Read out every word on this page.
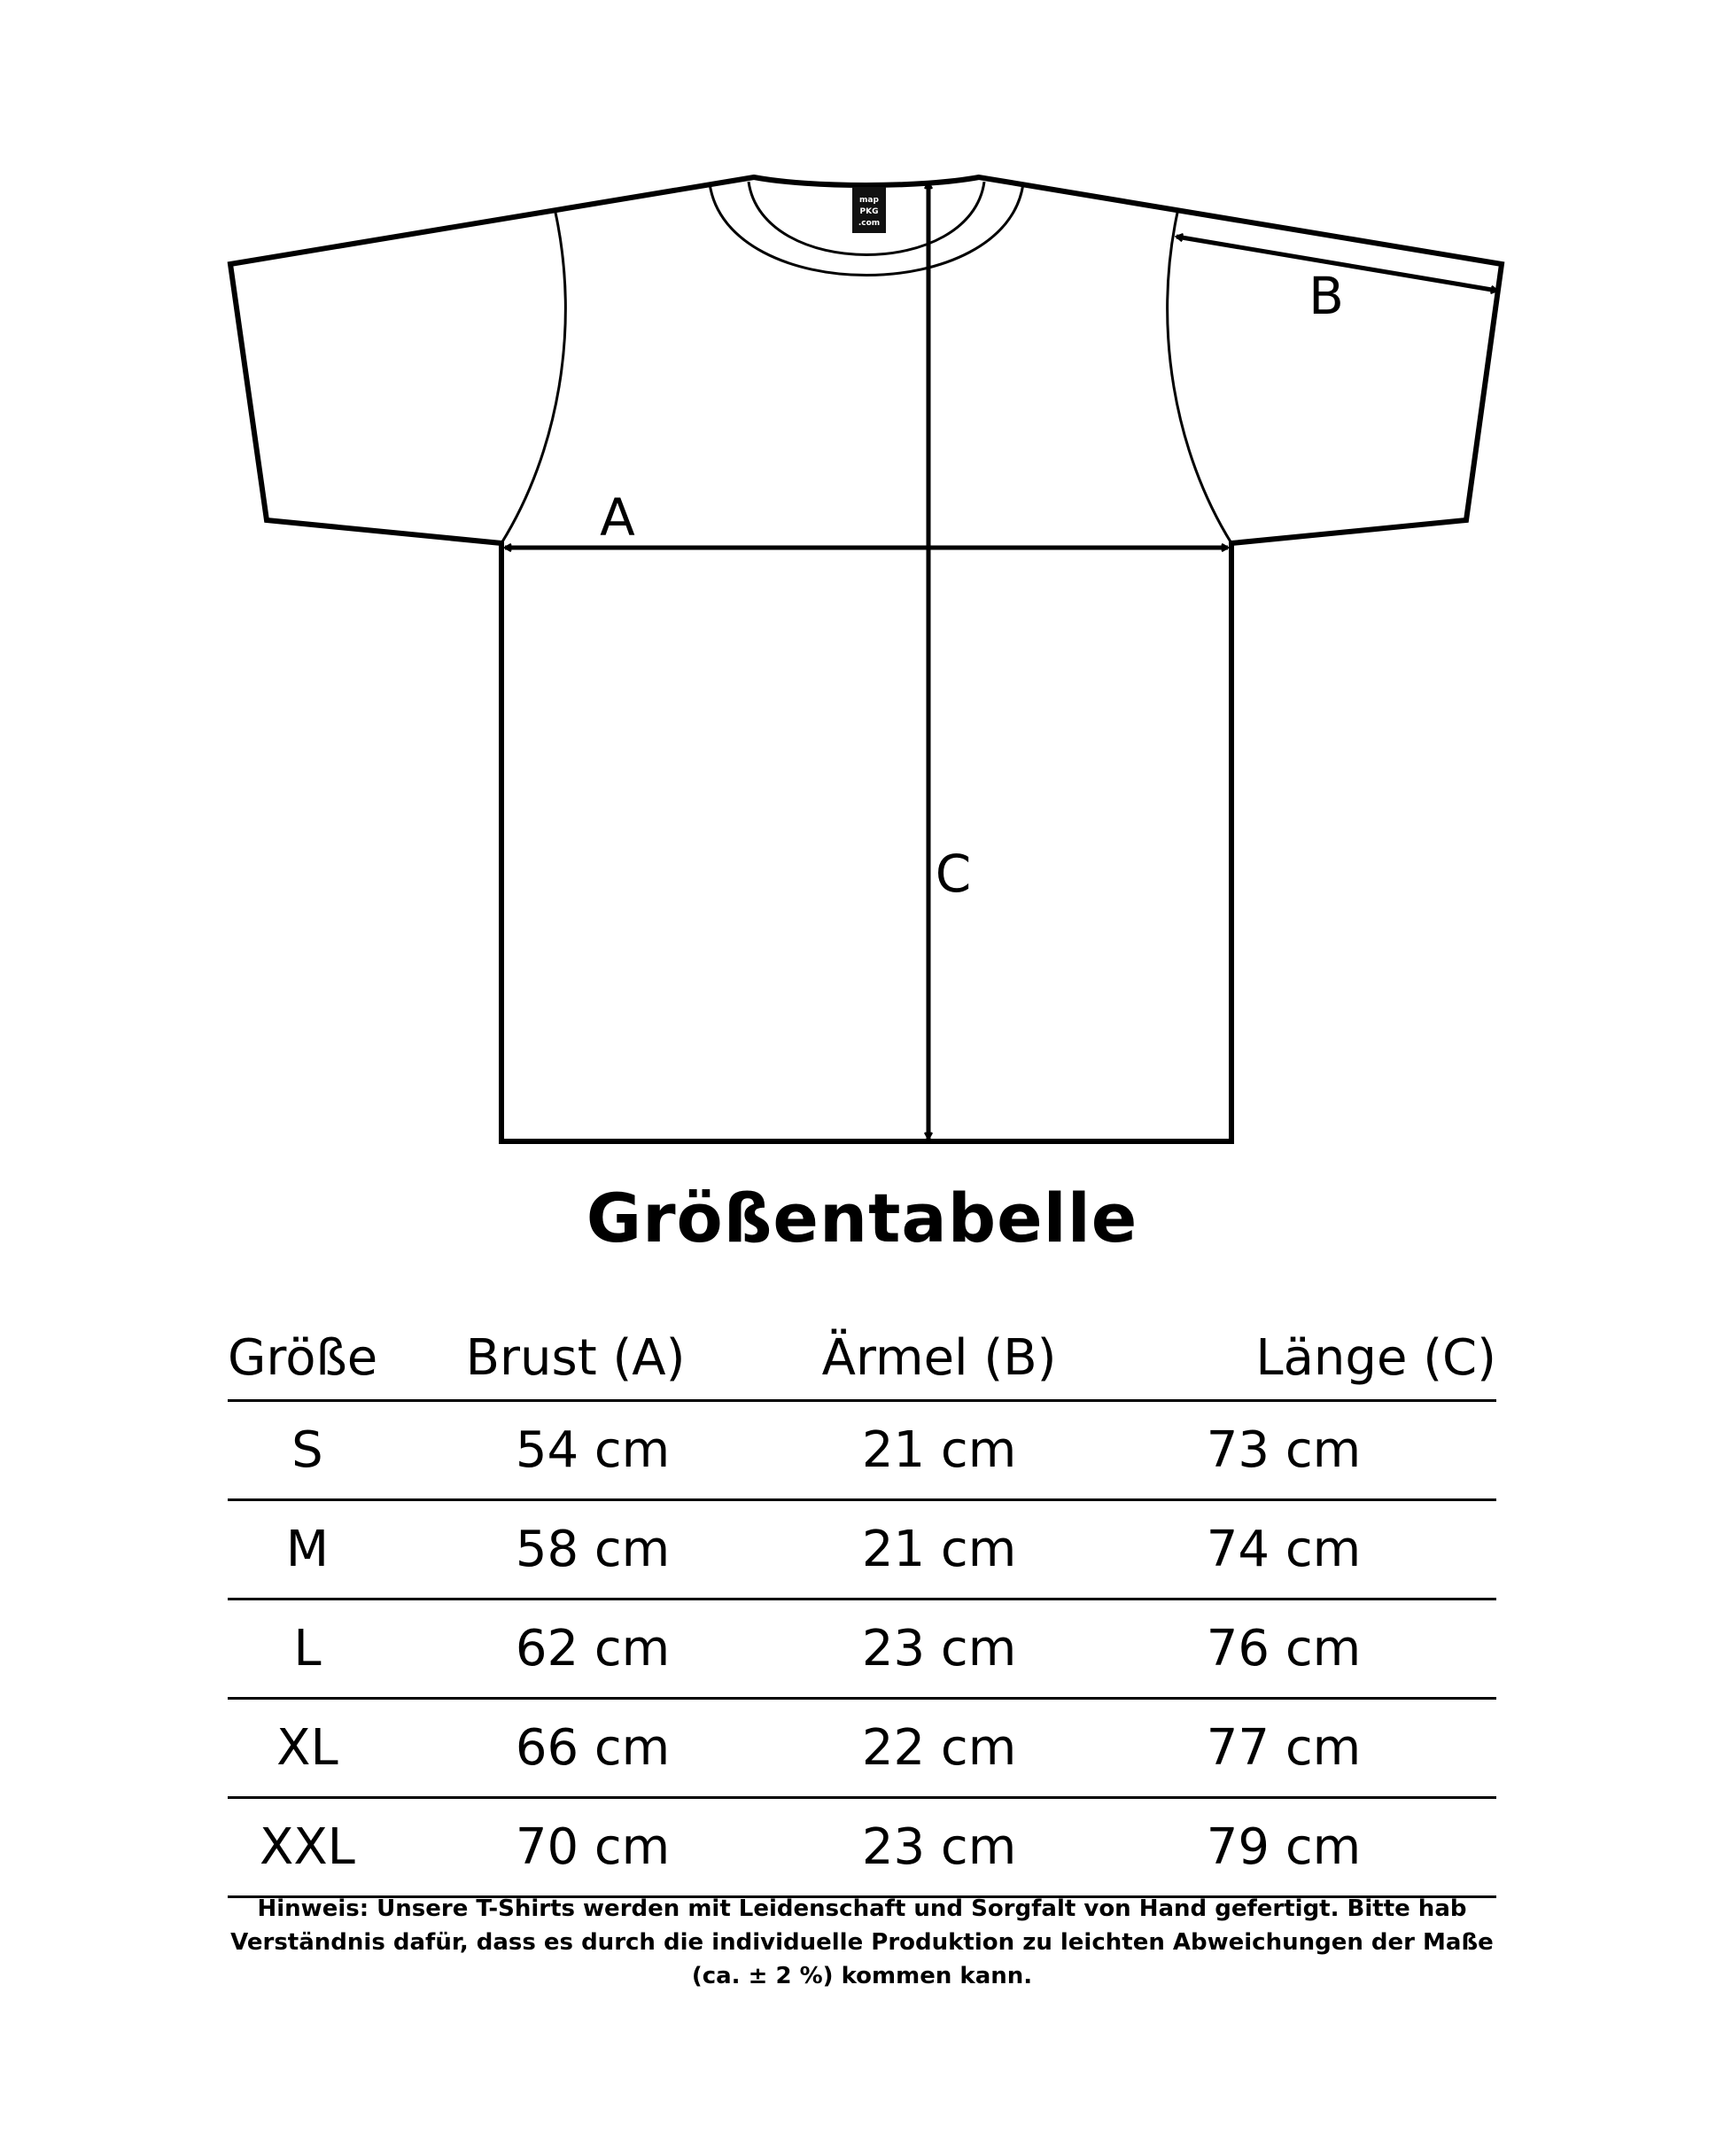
map
PKG
.com
A
B
C
Größentabelle
Größe	Brust (A)	Ärmel (B)	Länge (C)
S	54 cm	21 cm	73 cm
M	58 cm	21 cm	74 cm
L	62 cm	23 cm	76 cm
XL	66 cm	22 cm	77 cm
XXL	70 cm	23 cm	79 cm
Hinweis: Unsere T-Shirts werden mit Leidenschaft und Sorgfalt von Hand gefertigt. Bitte hab Verständnis dafür, dass es durch die individuelle Produktion zu leichten Abweichungen der Maße (ca. ± 2 %) kommen kann.
